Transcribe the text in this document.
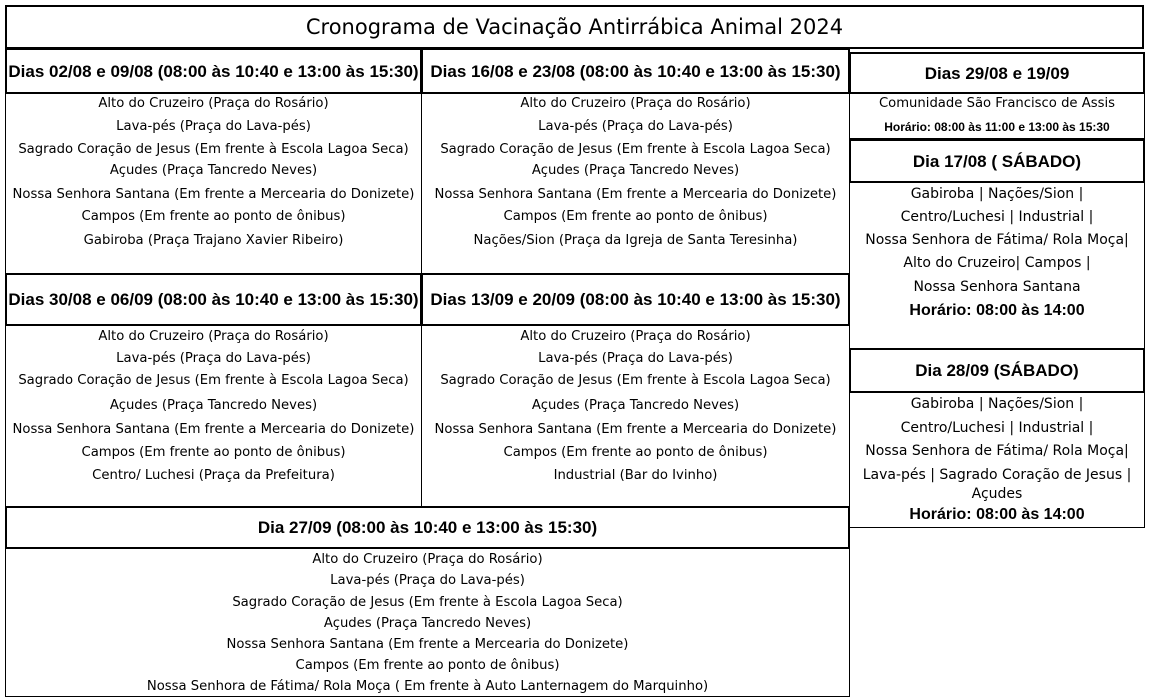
Cronograma de Vacinação Antirrábica Animal 2024
Dias 02/08 e 09/08 (08:00 às 10:40 e 13:00 às 15:30)
Alto do Cruzeiro (Praça do Rosário)
Lava-pés (Praça do Lava-pés)
Sagrado Coração de Jesus (Em frente à Escola Lagoa Seca)
Açudes (Praça Tancredo Neves)
Nossa Senhora Santana (Em frente a Mercearia do Donizete)
Campos (Em frente ao ponto de ônibus)
Gabiroba (Praça Trajano Xavier Ribeiro)
Dias 16/08 e 23/08 (08:00 às 10:40 e 13:00 às 15:30)
Alto do Cruzeiro (Praça do Rosário)
Lava-pés (Praça do Lava-pés)
Sagrado Coração de Jesus (Em frente à Escola Lagoa Seca)
Açudes (Praça Tancredo Neves)
Nossa Senhora Santana (Em frente a Mercearia do Donizete)
Campos (Em frente ao ponto de ônibus)
Nações/Sion (Praça da Igreja de Santa Teresinha)
Dias 30/08 e 06/09 (08:00 às 10:40 e 13:00 às 15:30)
Alto do Cruzeiro (Praça do Rosário)
Lava-pés (Praça do Lava-pés)
Sagrado Coração de Jesus (Em frente à Escola Lagoa Seca)
Açudes (Praça Tancredo Neves)
Nossa Senhora Santana (Em frente a Mercearia do Donizete)
Campos (Em frente ao ponto de ônibus)
Centro/ Luchesi (Praça da Prefeitura)
Dias 13/09 e 20/09 (08:00 às 10:40 e 13:00 às 15:30)
Alto do Cruzeiro (Praça do Rosário)
Lava-pés (Praça do Lava-pés)
Sagrado Coração de Jesus (Em frente à Escola Lagoa Seca)
Açudes (Praça Tancredo Neves)
Nossa Senhora Santana (Em frente a Mercearia do Donizete)
Campos (Em frente ao ponto de ônibus)
Industrial (Bar do Ivinho)
Dia 27/09 (08:00 às 10:40 e 13:00 às 15:30)
Alto do Cruzeiro (Praça do Rosário)
Lava-pés (Praça do Lava-pés)
Sagrado Coração de Jesus (Em frente à Escola Lagoa Seca)
Açudes (Praça Tancredo Neves)
Nossa Senhora Santana (Em frente a Mercearia do Donizete)
Campos (Em frente ao ponto de ônibus)
Nossa Senhora de Fátima/ Rola Moça ( Em frente à Auto Lanternagem do Marquinho)
Dias 29/08 e 19/09
Comunidade São Francisco de Assis
Horário: 08:00 às 11:00 e 13:00 às 15:30
Dia 17/08 ( SÁBADO)
Gabiroba | Nações/Sion |
Centro/Luchesi | Industrial |
Nossa Senhora de Fátima/ Rola Moça|
Alto do Cruzeiro| Campos |
Nossa Senhora Santana
Horário: 08:00 às 14:00
Dia 28/09 (SÁBADO)
Gabiroba | Nações/Sion |
Centro/Luchesi | Industrial |
Nossa Senhora de Fátima/ Rola Moça|
Lava-pés | Sagrado Coração de Jesus |
Açudes
Horário: 08:00 às 14:00
